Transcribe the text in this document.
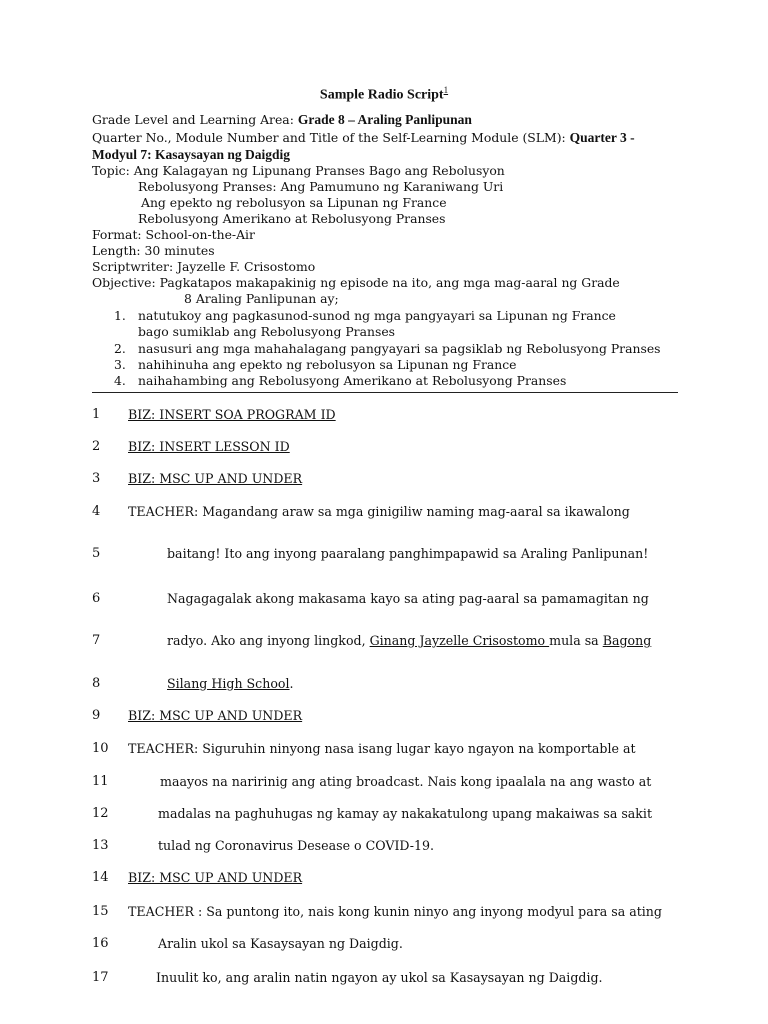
Sample Radio Script$^1$
Grade Level and Learning Area: Grade 8 – Araling Panlipunan
Quarter No., Module Number and Title of the Self-Learning Module (SLM): Quarter 3 -
Modyul 7: Kasaysayan ng Daigdig
Topic: Ang Kalagayan ng Lipunang Pranses Bago ang Rebolusyon
Rebolusyong Pranses: Ang Pamumuno ng Karaniwang Uri
Ang epekto ng rebolusyon sa Lipunan ng France
Rebolusyong Amerikano at Rebolusyong Pranses
Format: School-on-the-Air
Length: 30 minutes
Scriptwriter: Jayzelle F. Crisostomo
Objective: Pagkatapos makapakinig ng episode na ito, ang mga mag-aaral ng Grade
8 Araling Panlipunan ay;
1. natutukoy ang pagkasunod-sunod ng mga pangyayari sa Lipunan ng France
bago sumiklab ang Rebolusyong Pranses
2. nasusuri ang mga mahahalagang pangyayari sa pagsiklab ng Rebolusyong Pranses
3. nahihinuha ang epekto ng rebolusyon sa Lipunan ng France
4. naihahambing ang Rebolusyong Amerikano at Rebolusyong Pranses
1 BIZ: INSERT SOA PROGRAM ID
2 BIZ: INSERT LESSON ID
3 BIZ: MSC UP AND UNDER
4 TEACHER: Magandang araw sa mga ginigiliw naming mag-aaral sa ikawalong
5	baitang! Ito ang inyong paaralang panghimpapawid sa Araling Panlipunan!
6	Nagagagalak akong makasama kayo sa ating pag-aaral sa pamamagitan ng
7	radyo. Ako ang inyong lingkod, Ginang Jayzelle Crisostomo mula sa Bagong
8	Silang High School.
9 BIZ: MSC UP AND UNDER
10 TEACHER: Siguruhin ninyong nasa isang lugar kayo ngayon na komportable at
11	maayos na naririnig ang ating broadcast. Nais kong ipaalala na ang wasto at
12	madalas na paghuhugas ng kamay ay nakakatulong upang makaiwas sa sakit
13	tulad ng Coronavirus Desease o COVID-19.
14 BIZ: MSC UP AND UNDER
15 TEACHER : Sa puntong ito, nais kong kunin ninyo ang inyong modyul para sa ating
16	Aralin ukol sa Kasaysayan ng Daigdig.
17	Inuulit ko, ang aralin natin ngayon ay ukol sa Kasaysayan ng Daigdig.
